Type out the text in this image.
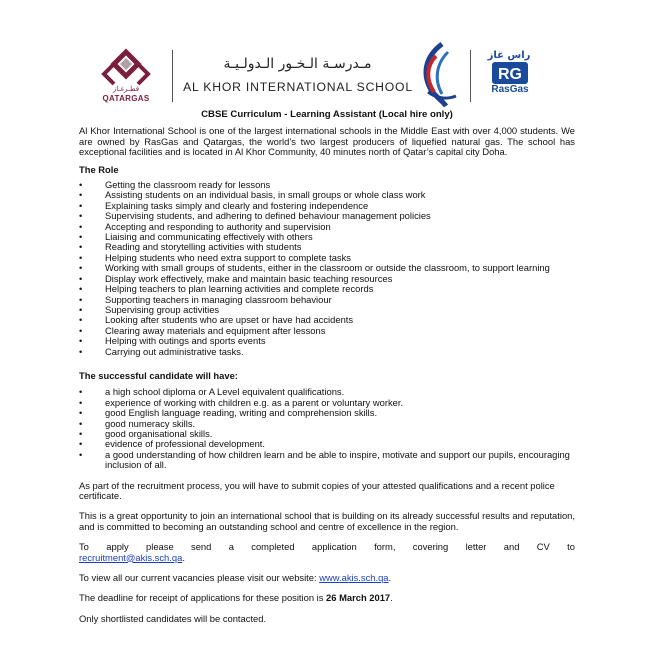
قطـرغـاز
QATARGAS
مـدرسـة الـخـور الـدولـيـة
AL KHOR INTERNATIONAL SCHOOL
راس غاز
RG
RasGas
CBSE Curriculum - Learning Assistant (Local hire only)

Al Khor International School is one of the largest international schools in the Middle East with over 4,000 students. We are owned by RasGas and Qatargas, the world’s two largest producers of liquefied natural gas. The school has exceptional facilities and is located in Al Khor Community, 40 minutes north of Qatar’s capital city Doha.

The Role
• Getting the classroom ready for lessons
• Assisting students on an individual basis, in small groups or whole class work
• Explaining tasks simply and clearly and fostering independence
• Supervising students, and adhering to defined behaviour management policies
• Accepting and responding to authority and supervision
• Liaising and communicating effectively with others
• Reading and storytelling activities with students
• Helping students who need extra support to complete tasks
• Working with small groups of students, either in the classroom or outside the classroom, to support learning
• Display work effectively, make and maintain basic teaching resources
• Helping teachers to plan learning activities and complete records
• Supporting teachers in managing classroom behaviour
• Supervising group activities
• Looking after students who are upset or have had accidents
• Clearing away materials and equipment after lessons
• Helping with outings and sports events
• Carrying out administrative tasks.
The successful candidate will have:
• a high school diploma or A Level equivalent qualifications.
• experience of working with children e.g. as a parent or voluntary worker.
• good English language reading, writing and comprehension skills.
• good numeracy skills.
• good organisational skills.
• evidence of professional development.
• a good understanding of how children learn and be able to inspire, motivate and support our pupils, encouraging inclusion of all.

As part of the recruitment process, you will have to submit copies of your attested qualifications and a recent police certificate.

This is a great opportunity to join an international school that is building on its already successful results and reputation, and is committed to becoming an outstanding school and centre of excellence in the region.

To apply please send a completed application form, covering letter and CV to

recruitment@akis.sch.qa.

To view all our current vacancies please visit our website: www.akis.sch.qa.

The deadline for receipt of applications for these position is 26 March 2017.

Only shortlisted candidates will be contacted.
